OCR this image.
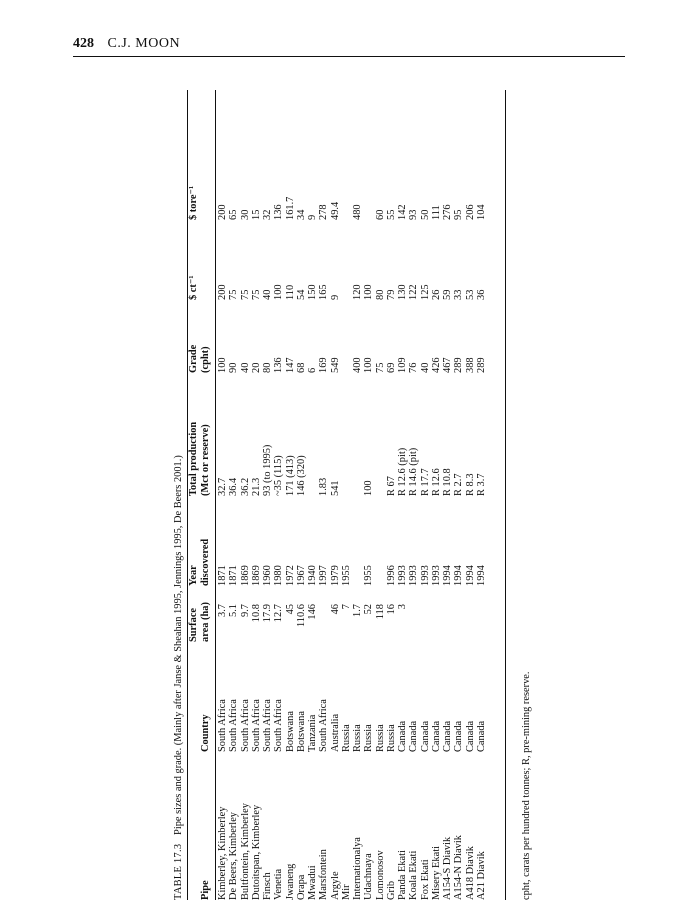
428 C.J. MOON
TABLE 17.3 Pipe sizes and grade. (Mainly after Janse & Sheahan 1995, Jennings 1995, De Beers 2001.)
Pipe
Country
Surface area (ha)
Year discovered
Total production (Mct or reserve)
Grade (cpht)
$ ct⁻¹
$ tore⁻¹
Kimberley, Kimberley
South Africa
3.7
1871
32.7
100
200
200
De Beers, Kimberley
South Africa
5.1
1871
36.4
90
75
65
Bultfontein, Kimberley
South Africa
9.7
1869
36.2
40
75
30
Dutoitspan, Kimberley
South Africa
10.8
1869
21.3
20
75
15
Finsch
South Africa
17.9
1960
93 (to 1995)
80
40
32
Venetia
South Africa
12.7
1980
~35 (115)
136
100
136
Jwaneng
Botswana
45
1972
171 (413)
147
110
161.7
Orapa
Botswana
110.6
1967
146 (320)
68
54
34
Mwadui
Tanzania
146
1940
6
150
9
Marsfontein
South Africa
1997
1.83
169
165
278
Argyle
Australia
46
1979
541
549
9
49.4
Mir
Russia
7
1955
Internationalya
Russia
1.7
400
120
480
Udachnaya
Russia
52
1955
100
100
100
Lomonosov
Russia
118
75
80
60
Grib
Russia
16
1996
R 67
69
79
55
Panda Ekati
Canada
3
1993
R 12.6 (pit)
109
130
142
Koala Ekati
Canada
1993
R 14.6 (pit)
76
122
93
Fox Ekati
Canada
1993
R 17.7
40
125
50
Misery Ekati
Canada
1993
R 12.6
426
26
111
A154-S Diavik
Canada
1994
R 10.8
467
59
276
A154-N Diavik
Canada
1994
R 2.7
289
33
95
A418 Diavik
Canada
1994
R 8.3
388
53
206
A21 Diavik
Canada
1994
R 3.7
289
36
104
cpht, carats per hundred tonnes; R, pre-mining reserve.
